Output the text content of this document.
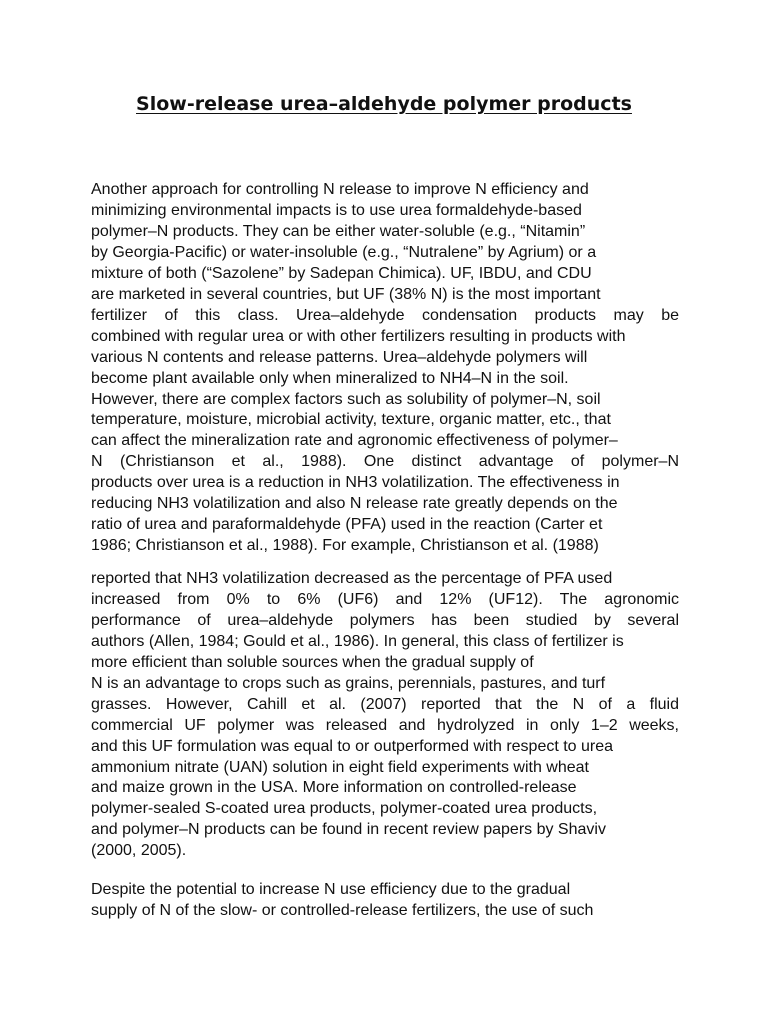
Slow-release urea–aldehyde polymer products
Another approach for controlling N release to improve N efficiency and
minimizing environmental impacts is to use urea formaldehyde-based
polymer–N products. They can be either water-soluble (e.g., “Nitamin”
by Georgia-Pacific) or water-insoluble (e.g., “Nutralene” by Agrium) or a
mixture of both (“Sazolene” by Sadepan Chimica). UF, IBDU, and CDU
are marketed in several countries, but UF (38% N) is the most important
fertilizer of this class. Urea–aldehyde condensation products may be
combined with regular urea or with other fertilizers resulting in products with
various N contents and release patterns. Urea–aldehyde polymers will
become plant available only when mineralized to NH4–N in the soil.
However, there are complex factors such as solubility of polymer–N, soil
temperature, moisture, microbial activity, texture, organic matter, etc., that
can affect the mineralization rate and agronomic effectiveness of polymer–
N (Christianson et al., 1988). One distinct advantage of polymer–N
products over urea is a reduction in NH3 volatilization. The effectiveness in
reducing NH3 volatilization and also N release rate greatly depends on the
ratio of urea and paraformaldehyde (PFA) used in the reaction (Carter et
1986; Christianson et al., 1988). For example, Christianson et al. (1988)
reported that NH3 volatilization decreased as the percentage of PFA used
increased from 0% to 6% (UF6) and 12% (UF12). The agronomic
performance of urea–aldehyde polymers has been studied by several
authors (Allen, 1984; Gould et al., 1986). In general, this class of fertilizer is
more efficient than soluble sources when the gradual supply of
N is an advantage to crops such as grains, perennials, pastures, and turf
grasses. However, Cahill et al. (2007) reported that the N of a fluid
commercial UF polymer was released and hydrolyzed in only 1–2 weeks,
and this UF formulation was equal to or outperformed with respect to urea
ammonium nitrate (UAN) solution in eight field experiments with wheat
and maize grown in the USA. More information on controlled-release
polymer-sealed S-coated urea products, polymer-coated urea products,
and polymer–N products can be found in recent review papers by Shaviv
(2000, 2005).
Despite the potential to increase N use efficiency due to the gradual
supply of N of the slow- or controlled-release fertilizers, the use of such
